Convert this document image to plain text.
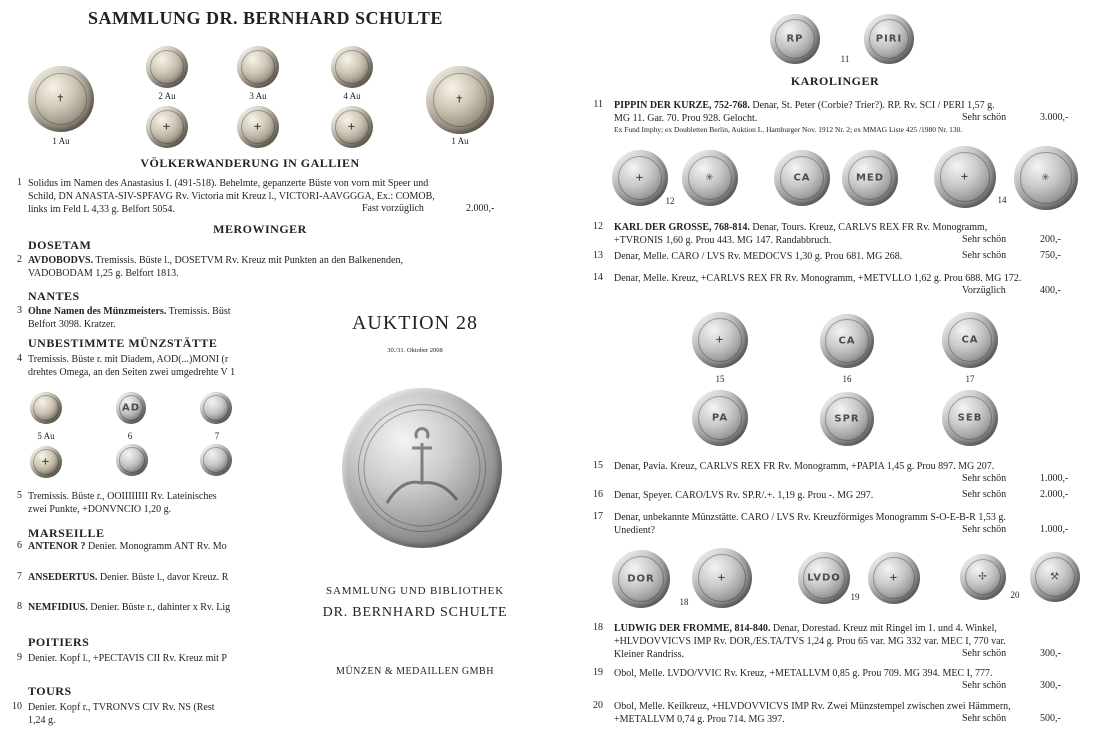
SAMMLUNG DR. BERNHARD SCHULTE
✝
1 Au
2 Au	3 Au	4 Au	✝
1 Au
+	+	+
VÖLKERWANDERUNG IN GALLIEN
1 Solidus im Namen des Anastasius I. (491-518). Behelmte, gepanzerte Büste von vorn mit Speer und
Schild, DN ANASTA-SIV-SPFAVG Rv. Victoria mit Kreuz l., VICTORI-AAVGGGA, Ex.: COMOB,
links im Feld L 4,33 g. Belfort 5054.	Fast vorzüglich	2.000,-
MEROWINGER
DOSETAM
2 AVDOBODVS. Tremissis. Büste l., DOSETVM Rv. Kreuz mit Punkten an den Balkenenden,
VADOBODAM 1,25 g. Belfort 1813.
NANTES
3 Ohne Namen des Münzmeisters. Tremissis. Büst
Belfort 3098. Kratzer.
UNBESTIMMTE MÜNZSTÄTTE
4 Tremissis. Büste r. mit Diadem, AOD(...)MONI (r
drehtes Omega, an den Seiten zwei umgedrehte V 1
5 Au
AD
6	7
+
5 Tremissis. Büste r., OOIIIIIIII Rv. Lateinisches
zwei Punkte, +DONVNCIO 1,20 g.
MARSEILLE
6 ANTENOR ? Denier. Monogramm ANT Rv. Mo
7 ANSEDERTUS. Denier. Büste l., davor Kreuz. R
8 NEMFIDIUS. Denier. Büste r., dahinter x Rv. Lig
POITIERS
9 Denier. Kopf l., +PECTAVIS CII Rv. Kreuz mit P
TOURS
10 Denier. Kopf r., TVRONVS CIV Rv. NS (Rest
1,24 g.
AUKTION 28
30./31. Oktober 2008
SAMMLUNG UND BIBLIOTHEK
DR. BERNHARD SCHULTE
MÜNZEN & MEDAILLEN GMBH
RP	PIRI
11
KAROLINGER
11 PIPPIN DER KURZE, 752-768. Denar, St. Peter (Corbie? Trier?). RP. Rv. SCI / PERI 1,57 g.
MG 11. Gar. 70. Prou 928. Gelocht.
Ex Fund Imphy; ex Doubletten Berlin, Auktion L. Hamburger Nov. 1912 Nr. 2; ex MMAG Liste 425 /1980 Nr. 130.
Sehr schön	3.000,-
+
12
✳	CA	MED	+
14
✳
12 KARL DER GROSSE, 768-814. Denar, Tours. Kreuz, CARLVS REX FR Rv. Monogramm,
+TVRONIS 1,60 g. Prou 443. MG 147. Randabbruch.	Sehr schön	200,-
13 Denar, Melle. CARO / LVS Rv. MEDOCVS 1,30 g. Prou 681. MG 268.	Sehr schön	750,-
14 Denar, Melle. Kreuz, +CARLVS REX FR Rv. Monogramm, +METVLLO 1,62 g. Prou 688. MG 172.
Vorzüglich	400,-
+
15
CA
16
CA
17
PA	SPR	SEB
15 Denar, Pavia. Kreuz, CARLVS REX FR Rv. Monogramm, +PAPIA 1,45 g. Prou 897. MG 207.
Sehr schön	1.000,-
16 Denar, Speyer. CARO/LVS Rv. SP.R/.+. 1,19 g. Prou -. MG 297.	Sehr schön	2.000,-
17 Denar, unbekannte Münzstätte. CARO / LVS Rv. Kreuzförmiges Monogramm S-O-E-B-R 1,53 g.
Unedient?	Sehr schön	1.000,-
DOR
18
+	LVDO
19
+	✢
20
⚒
18 LUDWIG DER FROMME, 814-840. Denar, Dorestad. Kreuz mit Ringel im 1. und 4. Winkel,
+HLVDOVVICVS IMP Rv. DOR,/ES.TA/TVS 1,24 g. Prou 65 var. MG 332 var. MEC I, 770 var.
Kleiner Randriss.	Sehr schön	300,-
19 Obol, Melle. LVDO/VVIC Rv. Kreuz, +METALLVM 0,85 g. Prou 709. MG 394. MEC I, 777.
Sehr schön	300,-
20 Obol, Melle. Keilkreuz, +HLVDOVVICVS IMP Rv. Zwei Münzstempel zwischen zwei Hämmern,
+METALLVM 0,74 g. Prou 714. MG 397.	Sehr schön	500,-
